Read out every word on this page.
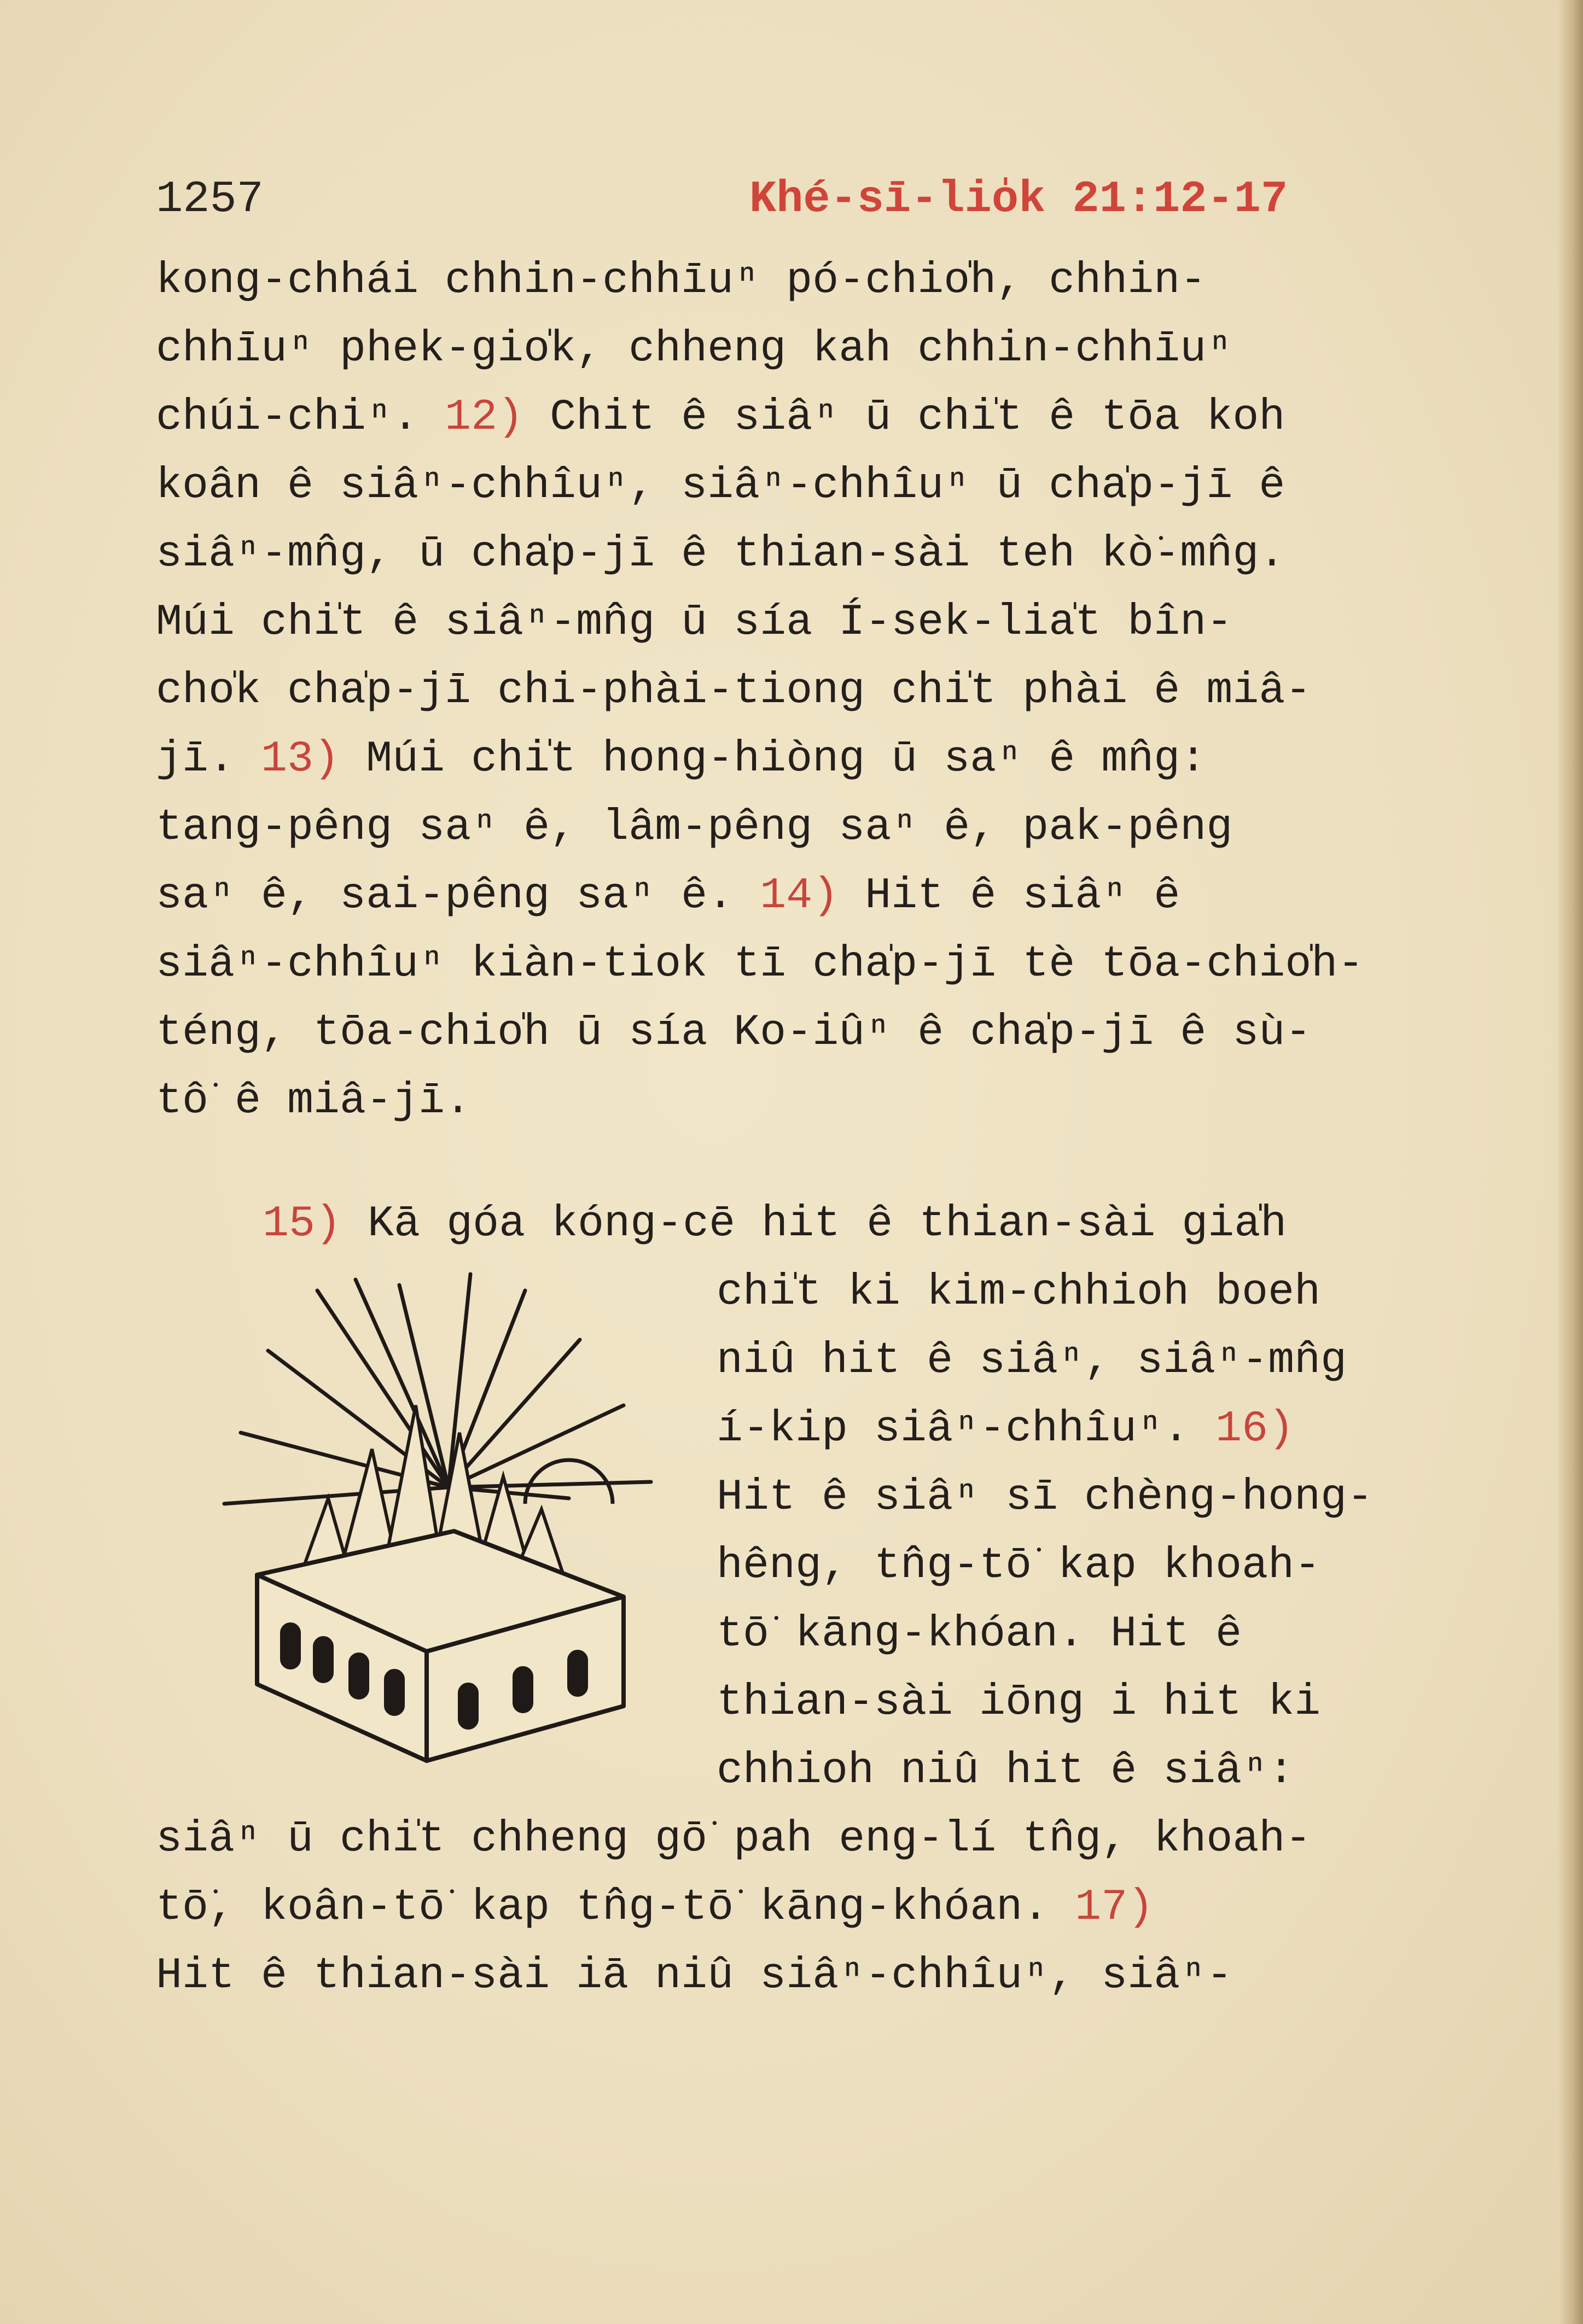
1257	Khé-sī-lio̍k 21:12-17
kong-chhái chhin-chhīuⁿ pó-chio̍h, chhin-
chhīuⁿ phek-gio̍k, chheng kah chhin-chhīuⁿ
chúi-chiⁿ. 12) Chit ê siâⁿ ū chi̍t ê tōa koh
koân ê siâⁿ-chhîuⁿ, siâⁿ-chhîuⁿ ū cha̍p-jī ê
siâⁿ-mn̂g, ū cha̍p-jī ê thian-sài teh kò͘-mn̂g.
Múi chi̍t ê siâⁿ-mn̂g ū sía Í-sek-lia̍t bîn-
cho̍k cha̍p-jī chi-phài-tiong chi̍t phài ê miâ-
jī. 13) Múi chi̍t hong-hiòng ū saⁿ ê mn̂g:
tang-pêng saⁿ ê, lâm-pêng saⁿ ê, pak-pêng
saⁿ ê, sai-pêng saⁿ ê. 14) Hit ê siâⁿ ê
siâⁿ-chhîuⁿ kiàn-tiok tī cha̍p-jī tè tōa-chio̍h-
téng, tōa-chio̍h ū sía Ko-iûⁿ ê cha̍p-jī ê sù-
tô͘ ê miâ-jī.
15) Kā góa kóng-cē hit ê thian-sài gia̍h
chi̍t ki kim-chhioh boeh
niû hit ê siâⁿ, siâⁿ-mn̂g
í-kip siâⁿ-chhîuⁿ. 16)
Hit ê siâⁿ sī chèng-hong-
hêng, tn̂g-tō͘ kap khoah-
tō͘ kāng-khóan. Hit ê
thian-sài iōng i hit ki
chhioh niû hit ê siâⁿ:
siâⁿ ū chi̍t chheng gō͘ pah eng-lí tn̂g, khoah-
tō͘, koân-tō͘ kap tn̂g-tō͘ kāng-khóan. 17)
Hit ê thian-sài iā niû siâⁿ-chhîuⁿ, siâⁿ-
